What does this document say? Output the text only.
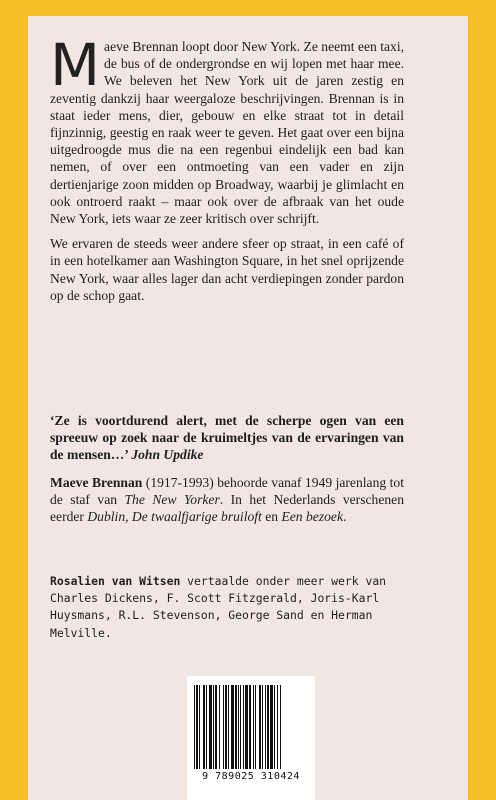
Maeve Brennan loopt door New York. Ze neemt een taxi, de bus of de ondergrondse en wij lopen met haar mee. We beleven het New York uit de jaren zestig en zeventig dankzij haar weergaloze beschrijvingen. Brennan is in staat ieder mens, dier, gebouw en elke straat tot in detail fijnzinnig, geestig en raak weer te geven. Het gaat over een bijna uitgedroogde mus die na een regenbui eindelijk een bad kan nemen, of over een ontmoeting van een vader en zijn dertienjarige zoon midden op Broadway, waarbij je glimlacht en ook ontroerd raakt – maar ook over de afbraak van het oude New York, iets waar ze zeer kritisch over schrijft.

We ervaren de steeds weer andere sfeer op straat, in een café of in een hotelkamer aan Washington Square, in het snel oprijzende New York, waar alles lager dan acht verdiepingen zonder pardon op de schop gaat.

‘Ze is voortdurend alert, met de scherpe ogen van een spreeuw op zoek naar de kruimeltjes van de ervaringen van de mensen…’ John Updike
Maeve Brennan (1917-1993) behoorde vanaf 1949 jarenlang tot de staf van The New Yorker. In het Nederlands verschenen eerder Dublin, De twaalfjarige bruiloft en Een bezoek.
Rosalien van Witsen vertaalde onder meer werk van Charles Dickens, F. Scott Fitzgerald, Joris-Karl Huysmans, R.L. Stevenson, George Sand en Herman Melville.
9 789025 310424
